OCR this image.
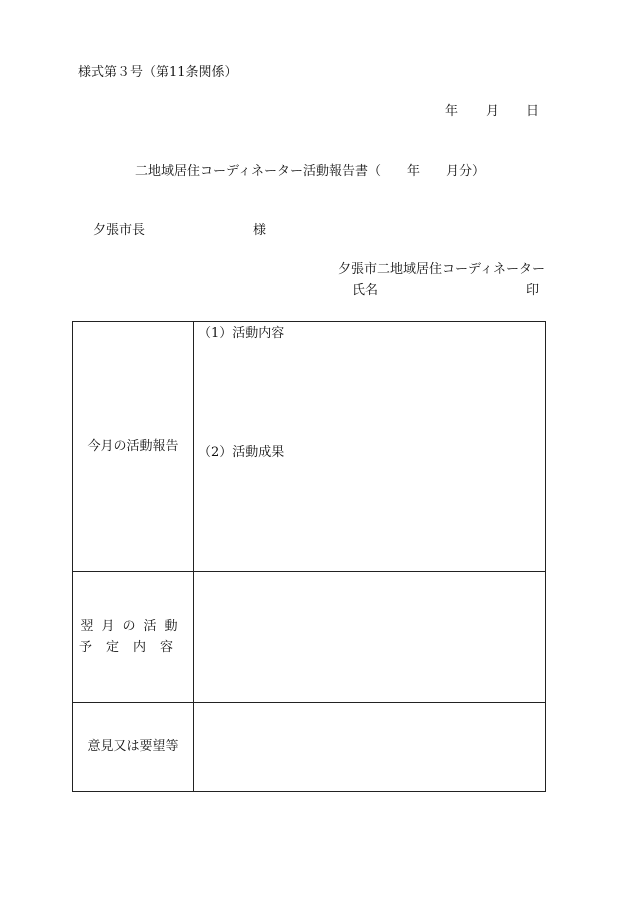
様式第３号（第11条関係）
年 月 日
二地域居住コーディネーター活動報告書（　　年　　月分）
夕張市長	様
夕張市二地域居住コーディネーター
氏名	印
今月の活動報告
（1）活動内容
（2）活動成果
翌月の活動
予定内容
意見又は要望等
